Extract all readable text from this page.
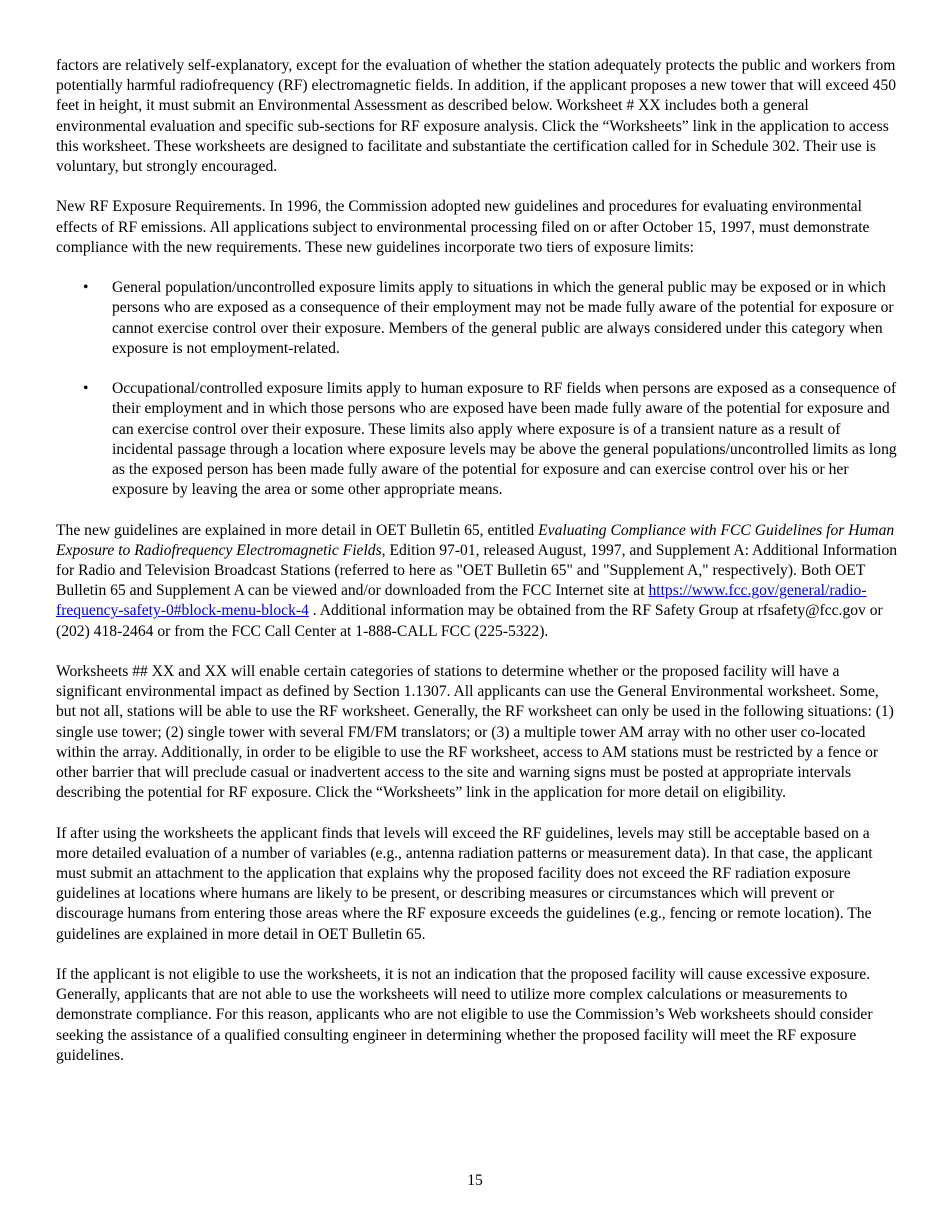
factors are relatively self-explanatory, except for the evaluation of whether the station adequately protects the public and workers from potentially harmful radiofrequency (RF) electromagnetic fields. In addition, if the applicant proposes a new tower that will exceed 450 feet in height, it must submit an Environmental Assessment as described below. Worksheet # XX includes both a general environmental evaluation and specific sub-sections for RF exposure analysis. Click the “Worksheets” link in the application to access this worksheet. These worksheets are designed to facilitate and substantiate the certification called for in Schedule 302. Their use is voluntary, but strongly encouraged.

New RF Exposure Requirements. In 1996, the Commission adopted new guidelines and procedures for evaluating environmental effects of RF emissions. All applications subject to environmental processing filed on or after October 15, 1997, must demonstrate compliance with the new requirements. These new guidelines incorporate two tiers of exposure limits:

• General population/uncontrolled exposure limits apply to situations in which the general public may be exposed or in which persons who are exposed as a consequence of their employment may not be made fully aware of the potential for exposure or cannot exercise control over their exposure. Members of the general public are always considered under this category when exposure is not employment-related.
• Occupational/controlled exposure limits apply to human exposure to RF fields when persons are exposed as a consequence of their employment and in which those persons who are exposed have been made fully aware of the potential for exposure and can exercise control over their exposure. These limits also apply where exposure is of a transient nature as a result of incidental passage through a location where exposure levels may be above the general populations/uncontrolled limits as long as the exposed person has been made fully aware of the potential for exposure and can exercise control over his or her exposure by leaving the area or some other appropriate means.

The new guidelines are explained in more detail in OET Bulletin 65, entitled Evaluating Compliance with FCC Guidelines for Human Exposure to Radiofrequency Electromagnetic Fields, Edition 97-01, released August, 1997, and Supplement A: Additional Information for Radio and Television Broadcast Stations (referred to here as "OET Bulletin 65" and "Supplement A," respectively). Both OET Bulletin 65 and Supplement A can be viewed and/or downloaded from the FCC Internet site at https://www.fcc.gov/general/radio-frequency-safety-0#block-menu-block-4 . Additional information may be obtained from the RF Safety Group at rfsafety@fcc.gov or (202) 418-2464 or from the FCC Call Center at 1-888-CALL FCC (225-5322).

Worksheets ## XX and XX will enable certain categories of stations to determine whether or the proposed facility will have a significant environmental impact as defined by Section 1.1307. All applicants can use the General Environmental worksheet. Some, but not all, stations will be able to use the RF worksheet. Generally, the RF worksheet can only be used in the following situations: (1) single use tower; (2) single tower with several FM/FM translators; or (3) a multiple tower AM array with no other user co-located within the array. Additionally, in order to be eligible to use the RF worksheet, access to AM stations must be restricted by a fence or other barrier that will preclude casual or inadvertent access to the site and warning signs must be posted at appropriate intervals describing the potential for RF exposure. Click the “Worksheets” link in the application for more detail on eligibility.

If after using the worksheets the applicant finds that levels will exceed the RF guidelines, levels may still be acceptable based on a more detailed evaluation of a number of variables (e.g., antenna radiation patterns or measurement data). In that case, the applicant must submit an attachment to the application that explains why the proposed facility does not exceed the RF radiation exposure guidelines at locations where humans are likely to be present, or describing measures or circumstances which will prevent or discourage humans from entering those areas where the RF exposure exceeds the guidelines (e.g., fencing or remote location). The guidelines are explained in more detail in OET Bulletin 65.

If the applicant is not eligible to use the worksheets, it is not an indication that the proposed facility will cause excessive exposure. Generally, applicants that are not able to use the worksheets will need to utilize more complex calculations or measurements to demonstrate compliance. For this reason, applicants who are not eligible to use the Commission’s Web worksheets should consider seeking the assistance of a qualified consulting engineer in determining whether the proposed facility will meet the RF exposure guidelines.

15
